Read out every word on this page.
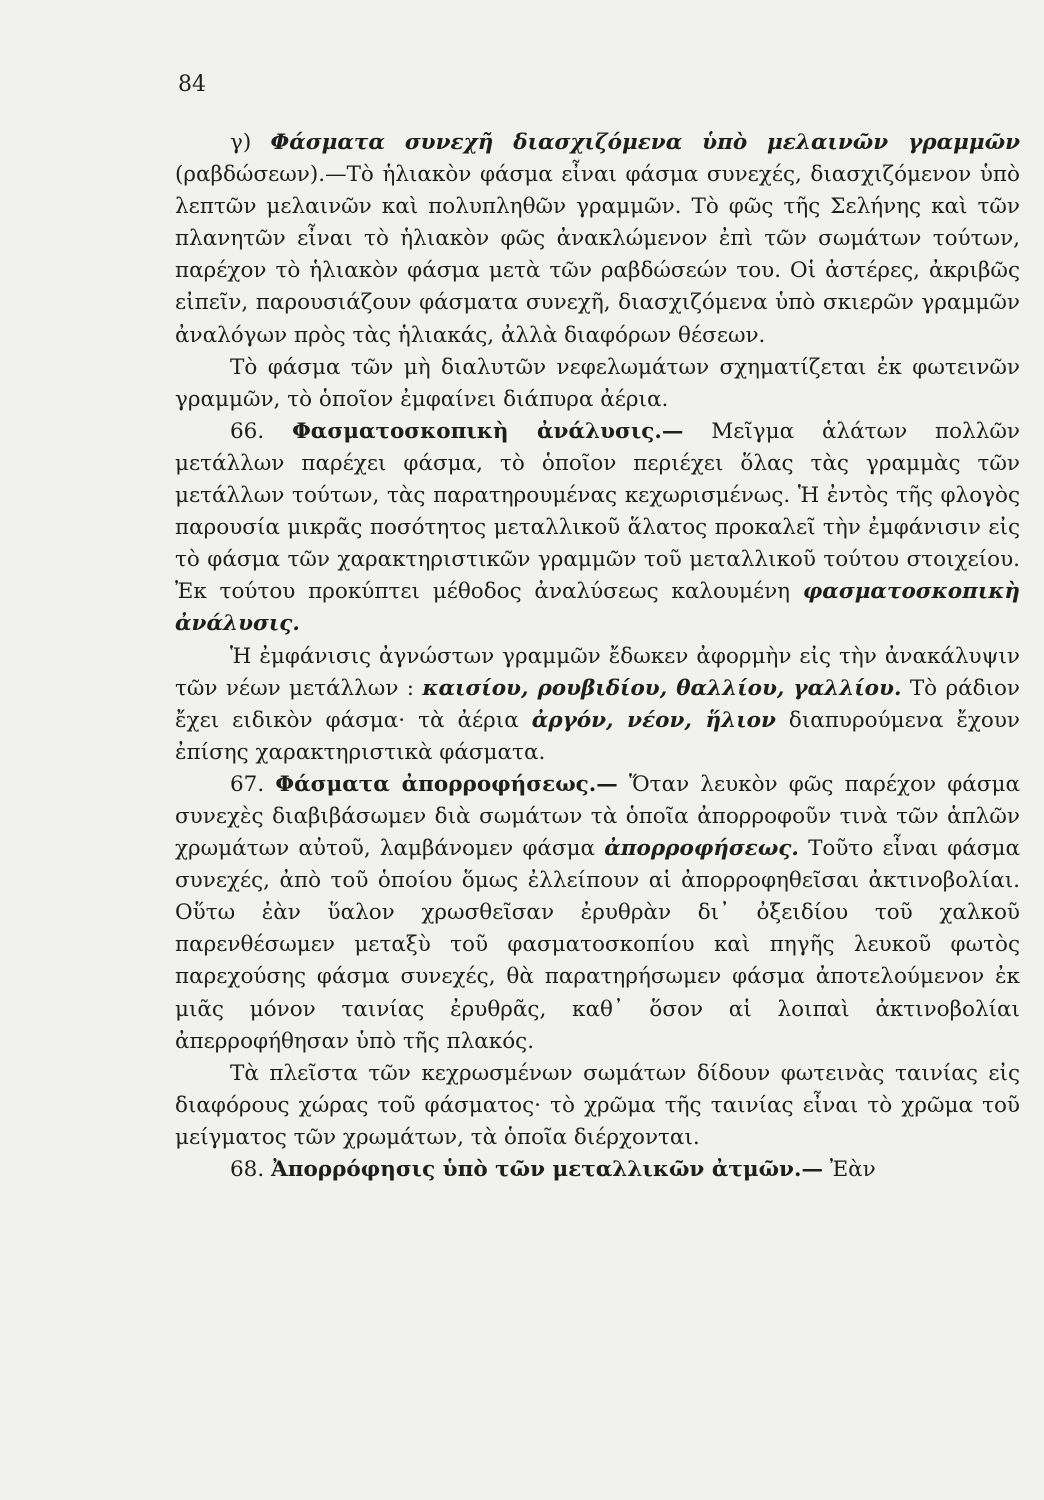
84

γ) Φάσματα συνεχῆ διασχιζόμενα ὑπὸ μελαινῶν γραμμῶν (ραβδώσεων).—Τὸ ἡλιακὸν φάσμα εἶναι φάσμα συνεχές, διασχιζόμενον ὑπὸ λεπτῶν μελαινῶν καὶ πολυπληθῶν γραμμῶν. Τὸ φῶς τῆς Σελήνης καὶ τῶν πλανητῶν εἶναι τὸ ἡλιακὸν φῶς ἀνακλώμενον ἐπὶ τῶν σωμάτων τούτων, παρέχον τὸ ἡλιακὸν φάσμα μετὰ τῶν ραβδώσεών του. Οἱ ἀστέρες, ἀκριβῶς εἰπεῖν, παρουσιάζουν φάσματα συνεχῆ, διασχιζόμενα ὑπὸ σκιερῶν γραμμῶν ἀναλόγων πρὸς τὰς ἡλιακάς, ἀλλὰ διαφόρων θέσεων.

Τὸ φάσμα τῶν μὴ διαλυτῶν νεφελωμάτων σχηματίζεται ἐκ φωτεινῶν γραμμῶν, τὸ ὁποῖον ἐμφαίνει διάπυρα ἀέρια.

66. Φασματοσκοπικὴ ἀνάλυσις.— Μεῖγμα ἁλάτων πολλῶν μετάλλων παρέχει φάσμα, τὸ ὁποῖον περιέχει ὅλας τὰς γραμμὰς τῶν μετάλλων τούτων, τὰς παρατηρουμένας κεχωρισμένως. Ἡ ἐντὸς τῆς φλογὸς παρουσία μικρᾶς ποσότητος μεταλλικοῦ ἅλατος προκαλεῖ τὴν ἐμφάνισιν εἰς τὸ φάσμα τῶν χαρακτηριστικῶν γραμμῶν τοῦ μεταλλικοῦ τούτου στοιχείου. Ἐκ τούτου προκύπτει μέθοδος ἀναλύσεως καλουμένη φασματοσκοπικὴ ἀνάλυσις.

Ἡ ἐμφάνισις ἀγνώστων γραμμῶν ἔδωκεν ἀφορμὴν εἰς τὴν ἀνακάλυψιν τῶν νέων μετάλλων : καισίου, ρουβιδίου, θαλλίου, γαλλίου. Τὸ ράδιον ἔχει ειδικὸν φάσμα· τὰ ἀέρια ἀργόν, νέον, ἥλιον διαπυρούμενα ἔχουν ἐπίσης χαρακτηριστικὰ φάσματα.

67. Φάσματα ἀπορροφήσεως.— Ὅταν λευκὸν φῶς παρέχον φάσμα συνεχὲς διαβιβάσωμεν διὰ σωμάτων τὰ ὁποῖα ἀπορροφοῦν τινὰ τῶν ἁπλῶν χρωμάτων αὐτοῦ, λαμβάνομεν φάσμα ἀπορροφήσεως. Τοῦτο εἶναι φάσμα συνεχές, ἀπὸ τοῦ ὁποίου ὅμως ἐλλείπουν αἱ ἀπορροφηθεῖσαι ἀκτινοβολίαι. Οὕτω ἐὰν ὕαλον χρωσθεῖσαν ἐρυθρὰν δι᾽ ὀξειδίου τοῦ χαλκοῦ παρενθέσωμεν μεταξὺ τοῦ φασματοσκοπίου καὶ πηγῆς λευκοῦ φωτὸς παρεχούσης φάσμα συνεχές, θὰ παρατηρήσωμεν φάσμα ἀποτελούμενον ἐκ μιᾶς μόνον ταινίας ἐρυθρᾶς, καθ᾽ ὅσον αἱ λοιπαὶ ἀκτινοβολίαι ἀπερροφήθησαν ὑπὸ τῆς πλακός.

Τὰ πλεῖστα τῶν κεχρωσμένων σωμάτων δίδουν φωτεινὰς ταινίας εἰς διαφόρους χώρας τοῦ φάσματος· τὸ χρῶμα τῆς ταινίας εἶναι τὸ χρῶμα τοῦ μείγματος τῶν χρωμάτων, τὰ ὁποῖα διέρχονται.

68. Ἀπορρόφησις ὑπὸ τῶν μεταλλικῶν ἀτμῶν.— Ἐὰν
